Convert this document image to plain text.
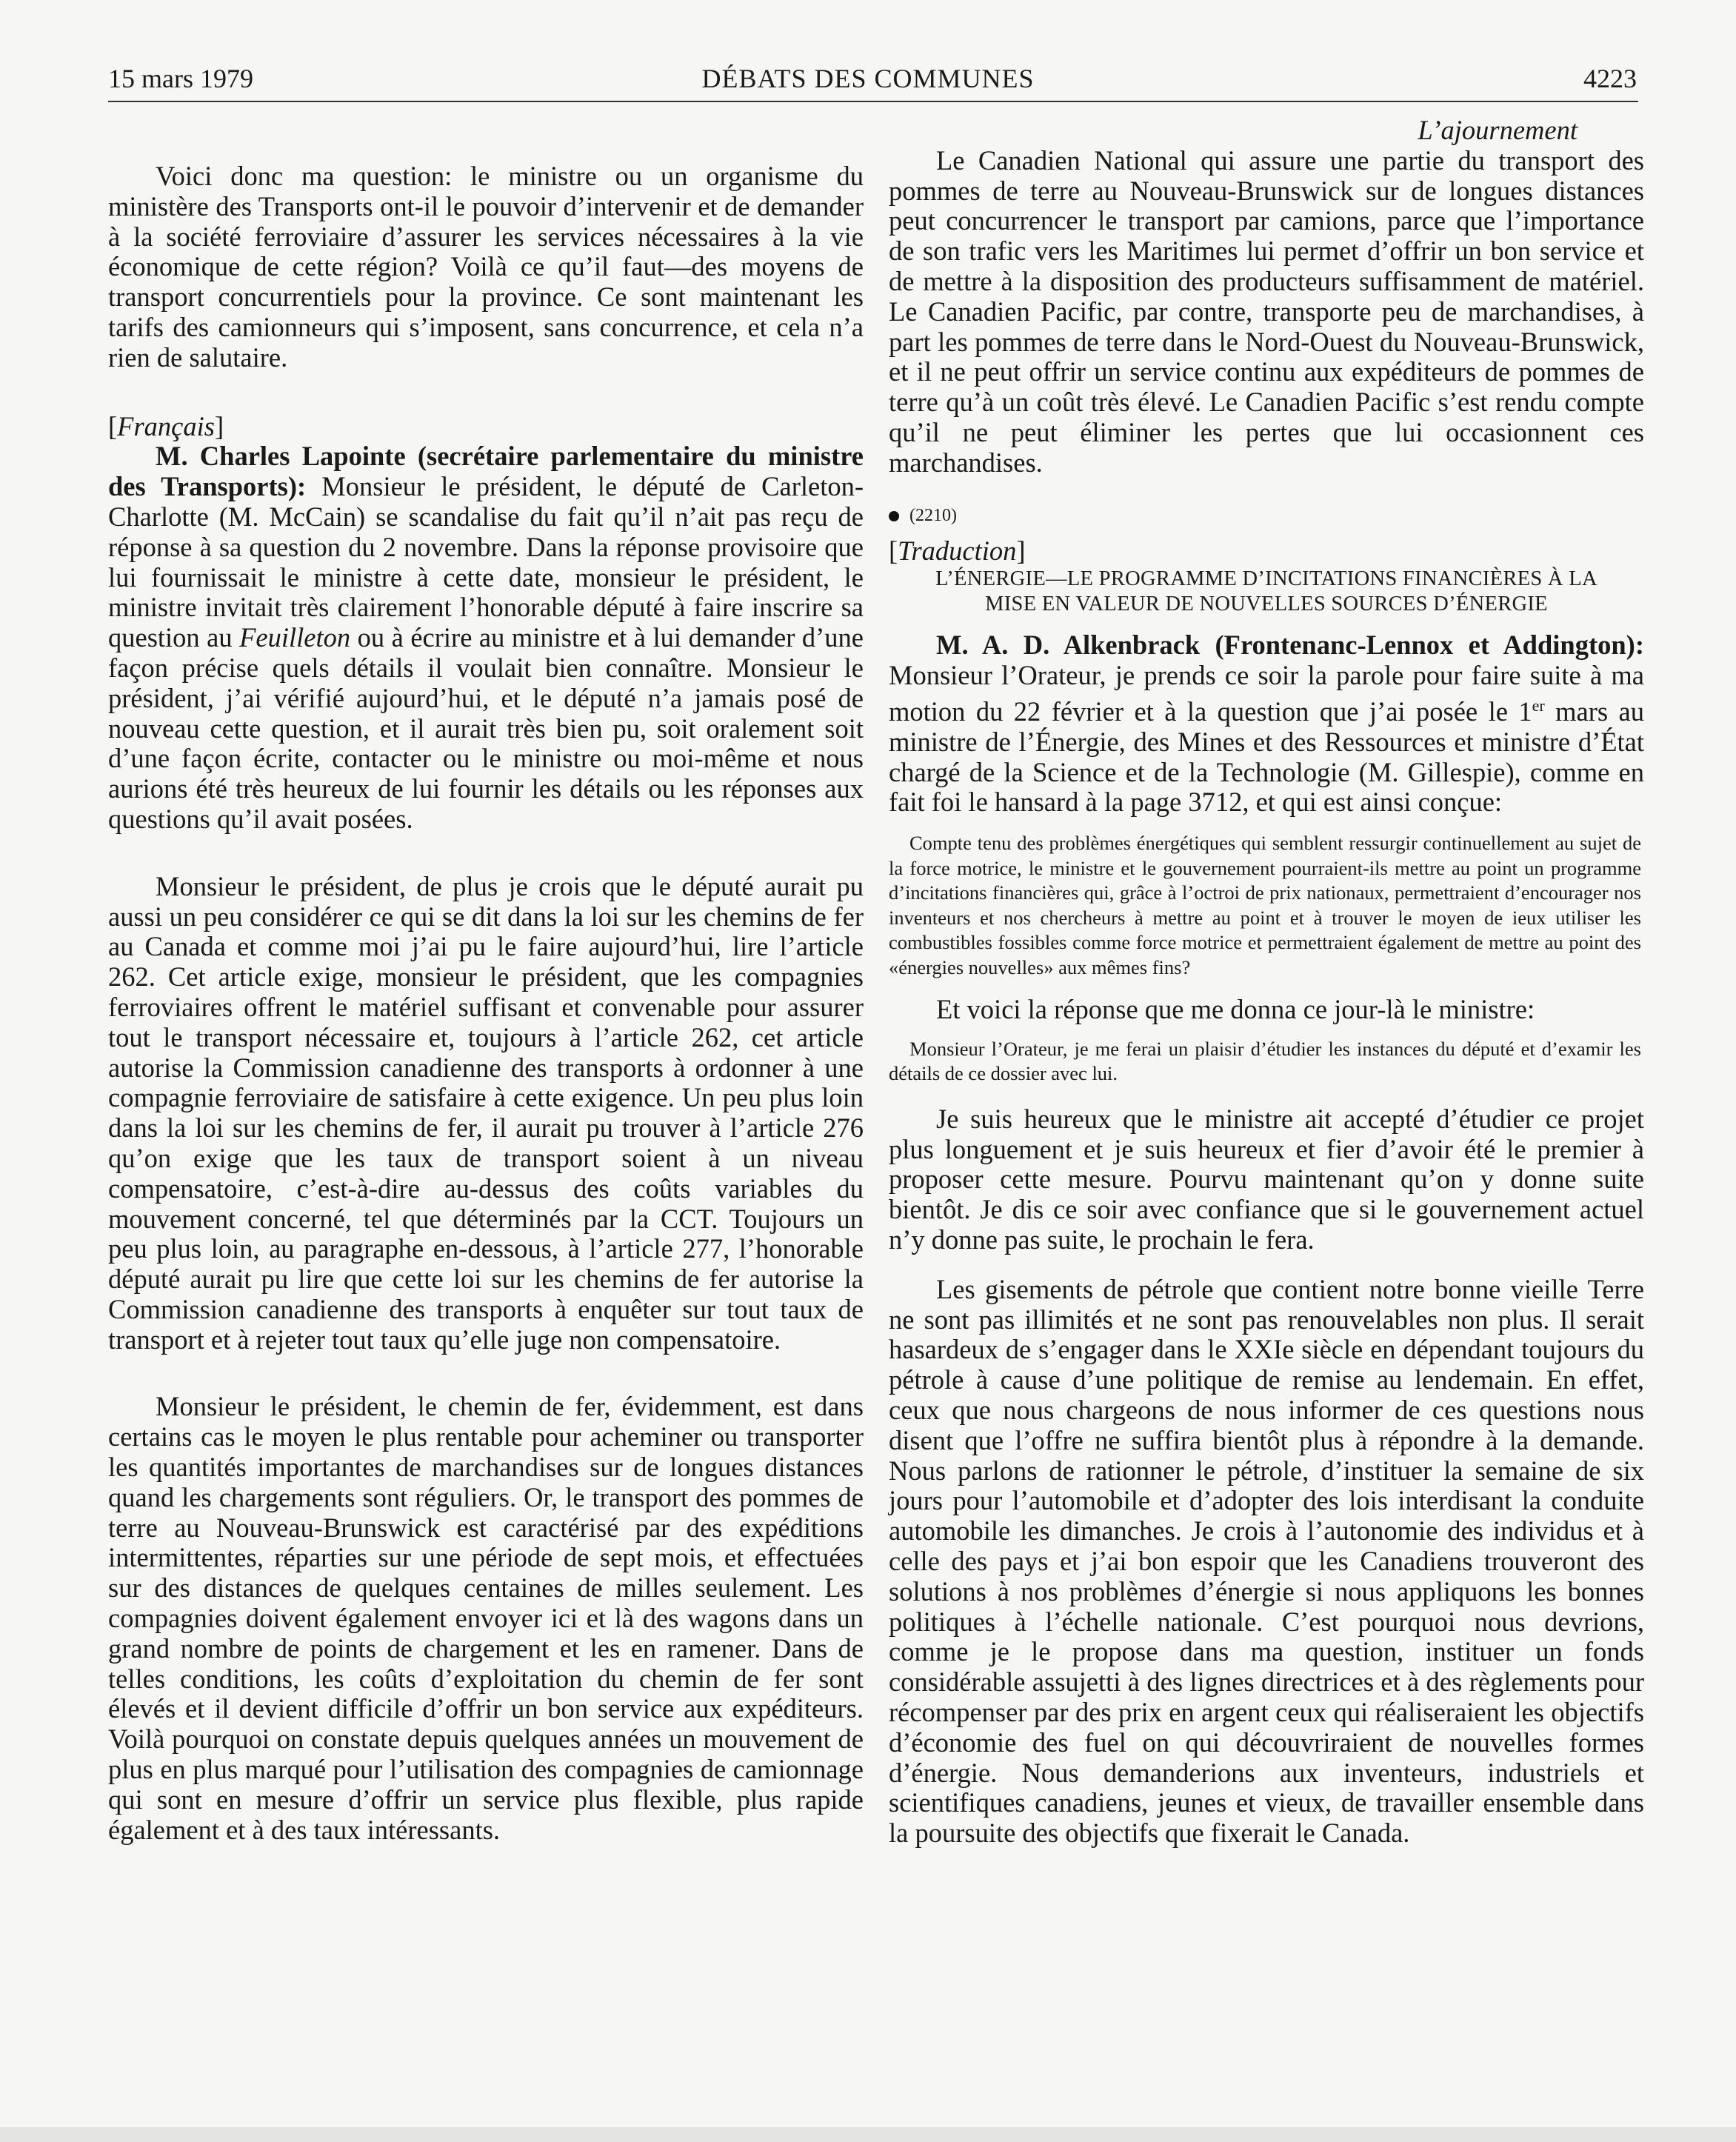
15 mars 1979	DÉBATS DES COMMUNES	4223

Voici donc ma question: le ministre ou un organisme du ministère des Transports ont-il le pouvoir d’intervenir et de demander à la société ferroviaire d’assurer les services nécessaires à la vie économique de cette région? Voilà ce qu’il faut—des moyens de transport concurrentiels pour la province. Ce sont maintenant les tarifs des camionneurs qui s’imposent, sans concurrence, et cela n’a rien de salutaire.

[Français]

M. Charles Lapointe (secrétaire parlementaire du ministre des Transports): Monsieur le président, le député de Carleton-Charlotte (M. McCain) se scandalise du fait qu’il n’ait pas reçu de réponse à sa question du 2 novembre. Dans la réponse provisoire que lui fournissait le ministre à cette date, monsieur le président, le ministre invitait très clairement l’honorable député à faire inscrire sa question au Feuilleton ou à écrire au ministre et à lui demander d’une façon précise quels détails il voulait bien connaître. Monsieur le président, j’ai vérifié aujourd’hui, et le député n’a jamais posé de nouveau cette question, et il aurait très bien pu, soit oralement soit d’une façon écrite, contacter ou le ministre ou moi-même et nous aurions été très heureux de lui fournir les détails ou les réponses aux questions qu’il avait posées.

Monsieur le président, de plus je crois que le député aurait pu aussi un peu considérer ce qui se dit dans la loi sur les chemins de fer au Canada et comme moi j’ai pu le faire aujourd’hui, lire l’article 262. Cet article exige, monsieur le président, que les compagnies ferroviaires offrent le matériel suffisant et convenable pour assurer tout le transport nécessaire et, toujours à l’article 262, cet article autorise la Commission canadienne des transports à ordonner à une compagnie ferroviaire de satisfaire à cette exigence. Un peu plus loin dans la loi sur les chemins de fer, il aurait pu trouver à l’article 276 qu’on exige que les taux de transport soient à un niveau compensatoire, c’est-à-dire au-dessus des coûts variables du mouvement concerné, tel que déterminés par la CCT. Toujours un peu plus loin, au paragraphe en-dessous, à l’article 277, l’honorable député aurait pu lire que cette loi sur les chemins de fer autorise la Commission canadienne des transports à enquêter sur tout taux de transport et à rejeter tout taux qu’elle juge non compensatoire.

Monsieur le président, le chemin de fer, évidemment, est dans certains cas le moyen le plus rentable pour acheminer ou transporter les quantités importantes de marchandises sur de longues distances quand les chargements sont réguliers. Or, le transport des pommes de terre au Nouveau-Brunswick est caractérisé par des expéditions intermittentes, réparties sur une période de sept mois, et effectuées sur des distances de quelques centaines de milles seulement. Les compagnies doivent également envoyer ici et là des wagons dans un grand nombre de points de chargement et les en ramener. Dans de telles conditions, les coûts d’exploitation du chemin de fer sont élevés et il devient difficile d’offrir un bon service aux expéditeurs. Voilà pourquoi on constate depuis quelques années un mouvement de plus en plus marqué pour l’utilisation des compagnies de camionnage qui sont en mesure d’offrir un service plus flexible, plus rapide également et à des taux intéressants.

L’ajournement

Le Canadien National qui assure une partie du transport des pommes de terre au Nouveau-Brunswick sur de longues distances peut concurrencer le transport par camions, parce que l’importance de son trafic vers les Maritimes lui permet d’offrir un bon service et de mettre à la disposition des producteurs suffisamment de matériel. Le Canadien Pacific, par contre, transporte peu de marchandises, à part les pommes de terre dans le Nord-Ouest du Nouveau-Brunswick, et il ne peut offrir un service continu aux expéditeurs de pommes de terre qu’à un coût très élevé. Le Canadien Pacific s’est rendu compte qu’il ne peut éliminer les pertes que lui occasionnent ces marchandises.

(2210)

[Traduction]

L’ÉNERGIE—LE PROGRAMME D’INCITATIONS FINANCIÈRES À LA
MISE EN VALEUR DE NOUVELLES SOURCES D’ÉNERGIE

M. A. D. Alkenbrack (Frontenanc-Lennox et Addington): Monsieur l’Orateur, je prends ce soir la parole pour faire suite à ma motion du 22 février et à la question que j’ai posée le 1er mars au ministre de l’Énergie, des Mines et des Ressources et ministre d’État chargé de la Science et de la Technologie (M. Gillespie), comme en fait foi le hansard à la page 3712, et qui est ainsi conçue:

Compte tenu des problèmes énergétiques qui semblent ressurgir continuellement au sujet de la force motrice, le ministre et le gouvernement pourraient-ils mettre au point un programme d’incitations financières qui, grâce à l’octroi de prix nationaux, permettraient d’encourager nos inventeurs et nos chercheurs à mettre au point et à trouver le moyen de ieux utiliser les combustibles fossibles comme force motrice et permettraient également de mettre au point des «énergies nouvelles» aux mêmes fins?

Et voici la réponse que me donna ce jour-là le ministre:

Monsieur l’Orateur, je me ferai un plaisir d’étudier les instances du député et d’examir les détails de ce dossier avec lui.

Je suis heureux que le ministre ait accepté d’étudier ce projet plus longuement et je suis heureux et fier d’avoir été le premier à proposer cette mesure. Pourvu maintenant qu’on y donne suite bientôt. Je dis ce soir avec confiance que si le gouvernement actuel n’y donne pas suite, le prochain le fera.

Les gisements de pétrole que contient notre bonne vieille Terre ne sont pas illimités et ne sont pas renouvelables non plus. Il serait hasardeux de s’engager dans le XXIe siècle en dépendant toujours du pétrole à cause d’une politique de remise au lendemain. En effet, ceux que nous chargeons de nous informer de ces questions nous disent que l’offre ne suffira bientôt plus à répondre à la demande. Nous parlons de rationner le pétrole, d’instituer la semaine de six jours pour l’automobile et d’adopter des lois interdisant la conduite automobile les dimanches. Je crois à l’autonomie des individus et à celle des pays et j’ai bon espoir que les Canadiens trouveront des solutions à nos problèmes d’énergie si nous appliquons les bonnes politiques à l’échelle nationale. C’est pourquoi nous devrions, comme je le propose dans ma question, instituer un fonds considérable assujetti à des lignes directrices et à des règlements pour récompenser par des prix en argent ceux qui réaliseraient les objectifs d’économie des fuel on qui découvriraient de nouvelles formes d’énergie. Nous demanderions aux inventeurs, industriels et scientifiques canadiens, jeunes et vieux, de travailler ensemble dans la poursuite des objectifs que fixerait le Canada.
